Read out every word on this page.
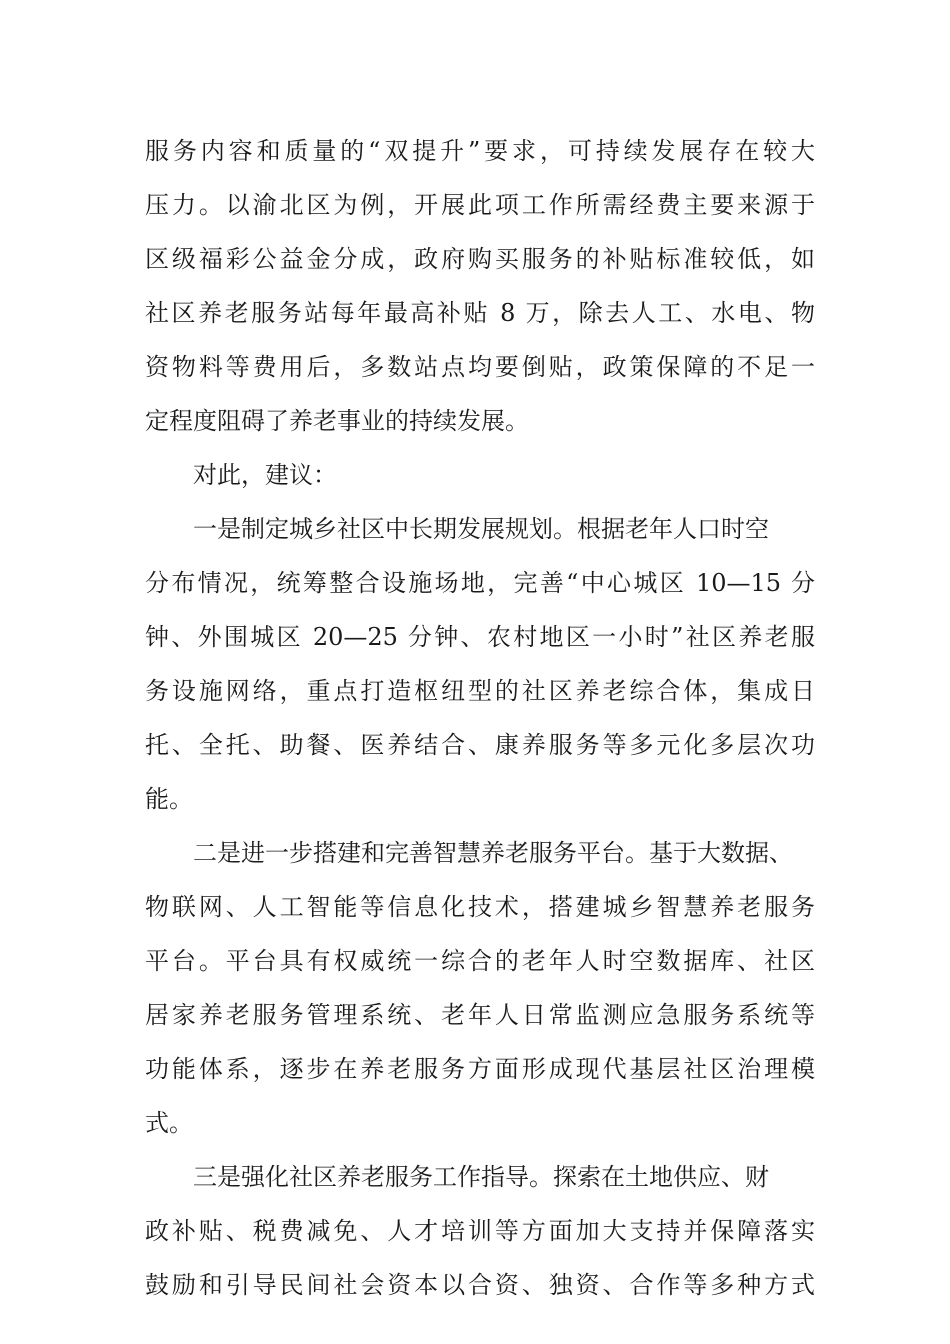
服务内容和质量的“双提升”要求，可持续发展存在较大
压力。以渝北区为例，开展此项工作所需经费主要来源于
区级福彩公益金分成，政府购买服务的补贴标准较低，如
社区养老服务站每年最高补贴 8 万，除去人工、水电、物
资物料等费用后，多数站点均要倒贴，政策保障的不足一
定程度阻碍了养老事业的持续发展。
对此，建议：
一是制定城乡社区中长期发展规划。根据老年人口时空
分布情况，统筹整合设施场地，完善“中心城区 10—15 分
钟、外围城区 20—25 分钟、农村地区一小时”社区养老服
务设施网络，重点打造枢纽型的社区养老综合体，集成日
托、全托、助餐、医养结合、康养服务等多元化多层次功
能。
二是进一步搭建和完善智慧养老服务平台。基于大数据、
物联网、人工智能等信息化技术，搭建城乡智慧养老服务
平台。平台具有权威统一综合的老年人时空数据库、社区
居家养老服务管理系统、老年人日常监测应急服务系统等
功能体系，逐步在养老服务方面形成现代基层社区治理模
式。
三是强化社区养老服务工作指导。探索在土地供应、财
政补贴、税费减免、人才培训等方面加大支持并保障落实
鼓励和引导民间社会资本以合资、独资、合作等多种方式
